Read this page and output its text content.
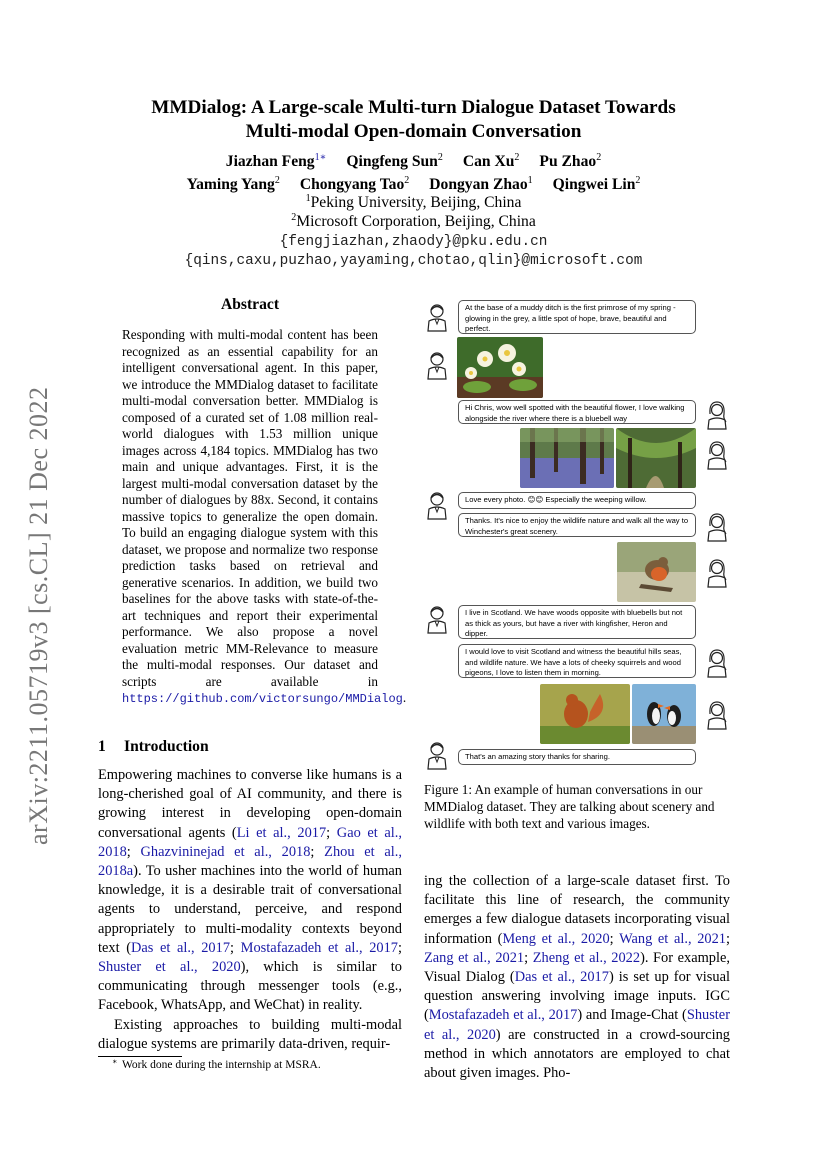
MMDialog: A Large-scale Multi-turn Dialogue Dataset Towards
Multi-modal Open-domain Conversation
Jiazhan Feng$^{1∗}$ Qingfeng Sun$^2$ Can Xu$^2$ Pu Zhao$^2$
Yaming Yang$^2$ Chongyang Tao$^2$ Dongyan Zhao$^1$ Qingwei Lin$^2$
$^1$Peking University, Beijing, China
$^2$Microsoft Corporation, Beijing, China
{fengjiazhan,zhaody}@pku.edu.cn
{qins,caxu,puzhao,yayaming,chotao,qlin}@microsoft.com
arXiv:2211.05719v3 [cs.CL] 21 Dec 2022
Abstract
Responding with multi-modal content has been recognized as an essential capability for an intelligent conversational agent. In this paper, we introduce the MMDialog dataset to facilitate multi-modal conversation better. MMDialog is composed of a curated set of 1.08 million real-world dialogues with 1.53 million unique images across 4,184 topics. MMDialog has two main and unique advantages. First, it is the largest multi-modal conversation dataset by the number of dialogues by 88x. Second, it contains massive topics to generalize the open domain. To build an engaging dialogue system with this dataset, we propose and normalize two response prediction tasks based on retrieval and generative scenarios. In addition, we build two baselines for the above tasks with state-of-the-art techniques and report their experimental performance. We also propose a novel evaluation metric MM-Relevance to measure the multi-modal responses. Our dataset and scripts are available in https://github.com/victorsungo/MMDialog.
1 Introduction

Empowering machines to converse like humans is a long-cherished goal of AI community, and there is growing interest in developing open-domain conversational agents (Li et al., 2017; Gao et al., 2018; Ghazvininejad et al., 2018; Zhou et al., 2018a). To usher machines into the world of human knowledge, it is a desirable trait of conversational agents to understand, perceive, and respond appropriately to multi-modality contexts beyond text (Das et al., 2017; Mostafazadeh et al., 2017; Shuster et al., 2020), which is similar to communicating through messenger tools (e.g., Facebook, WhatsApp, and WeChat) in reality.

Existing approaches to building multi-modal dialogue systems are primarily data-driven, requir-

∗ Work done during the internship at MSRA.

ing the collection of a large-scale dataset first. To facilitate this line of research, the community emerges a few dialogue datasets incorporating visual information (Meng et al., 2020; Wang et al., 2021; Zang et al., 2021; Zheng et al., 2022). For example, Visual Dialog (Das et al., 2017) is set up for visual question answering involving image inputs. IGC (Mostafazadeh et al., 2017) and Image-Chat (Shuster et al., 2020) are constructed in a crowd-sourcing method in which annotators are employed to chat about given images. Pho-

At the base of a muddy ditch is the first primrose of my spring - glowing in the grey, a little spot of hope, brave, beautiful and perfect.
Hi Chris, wow well spotted with the beautiful flower, I love walking alongside the river where there is a bluebell way
Love every photo. 😊😊 Especially the weeping willow.
Thanks. It's nice to enjoy the wildlife nature and walk all the way to Winchester's great scenery.
I live in Scotland. We have woods opposite with bluebells but not as thick as yours, but have a river with kingfisher, Heron and dipper.
I would love to visit Scotland and witness the beautiful hills seas, and wildlife nature. We have a lots of cheeky squirrels and wood pigeons, I love to listen them in morning.
That's an amazing story thanks for sharing.
Figure 1: An example of human conversations in our MMDialog dataset. They are talking about scenery and wildlife with both text and various images.
